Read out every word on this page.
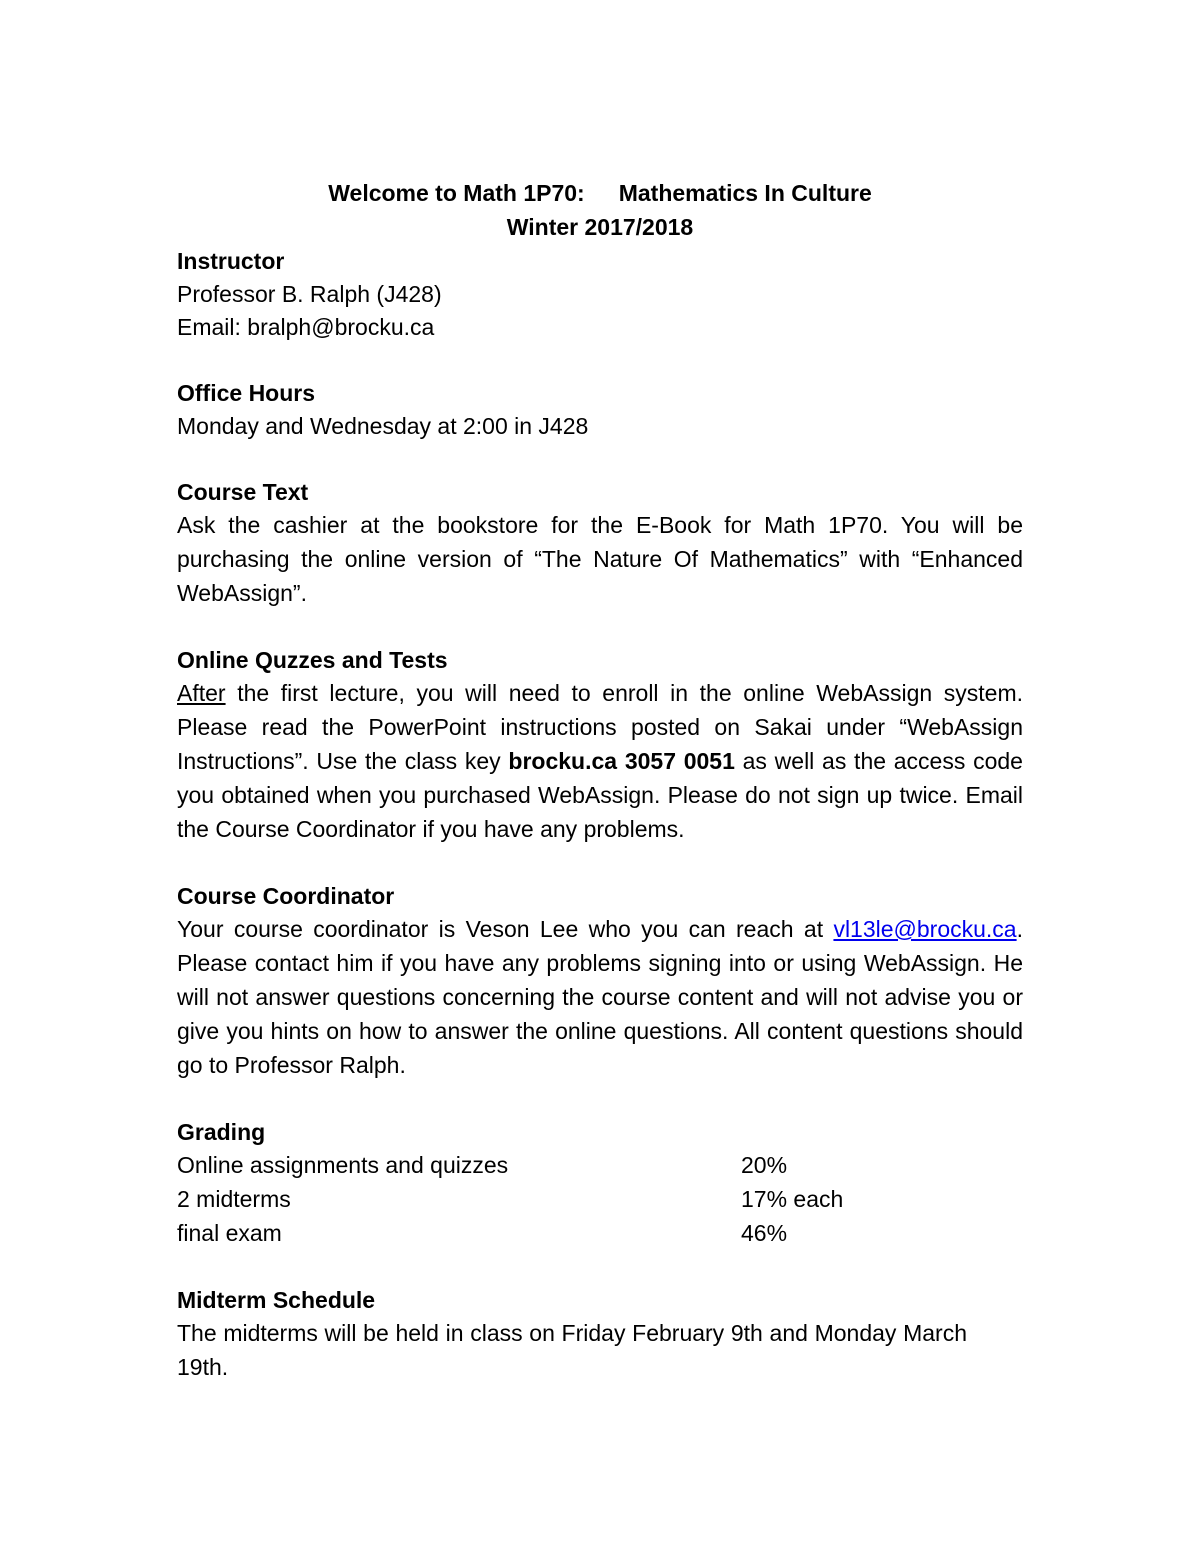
Welcome to Math 1P70: Mathematics In Culture
Winter 2017/2018
Instructor
Professor B. Ralph (J428)
Email: bralph@brocku.ca
Office Hours
Monday and Wednesday at 2:00 in J428
Course Text
Ask the cashier at the bookstore for the E-Book for Math 1P70. You will be purchasing the online version of “The Nature Of Mathematics” with “Enhanced WebAssign”.
Online Quzzes and Tests
After the first lecture, you will need to enroll in the online WebAssign system. Please read the PowerPoint instructions posted on Sakai under “WebAssign Instructions”. Use the class key brocku.ca 3057 0051 as well as the access code you obtained when you purchased WebAssign. Please do not sign up twice. Email the Course Coordinator if you have any problems.
Course Coordinator
Your course coordinator is Veson Lee who you can reach at vl13le@brocku.ca. Please contact him if you have any problems signing into or using WebAssign. He will not answer questions concerning the course content and will not advise you or give you hints on how to answer the online questions. All content questions should go to Professor Ralph.
Grading
Online assignments and quizzes	20%
2 midterms	17% each
final exam	46%
Midterm Schedule
The midterms will be held in class on Friday February 9th and Monday March 19th.
